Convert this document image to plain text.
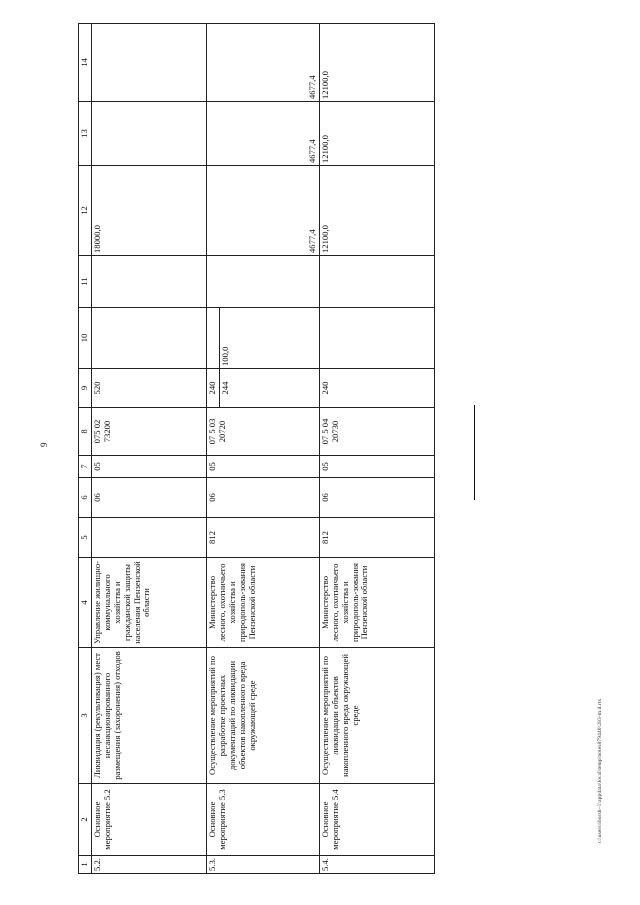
9
c:\users\iborsh~1\appdata\local\temp\notes879440\283-m.d.rtx
1	2	3	4	5	6	7	8	9	10	11	12	13	14
5.2.	Основное мероприятие 5.2	Ликвидация (рекультивация) мест несанкционированного размещения (захоронения) отходов	Управление жилищно-коммунального хозяйства и гражданской защиты населения Пензенской области		06	05	075 02 73200	520			18000,0		
5.3.	Основное мероприятие 5.3	Осуществление мероприятий по разработке проектных документаций по ликвидации объектов накопленного вреда окружающей среде	Министерство лесного, охотничьего хозяйства и природополь-зования Пензенской области	812	06	05	07 5 03 20720	240			4677,4	4677,4	4677,4
								244	100,0				
5.4.	Основное мероприятие 5.4	Осуществление мероприятий по ликвидации объектов накопленного вреда окружающей среде	Министерство лесного, охотничьего хозяйства и природополь-зования Пензенской области	812	06	05	07 5 04 20730	240			12100,0	12100,0	12100,0
